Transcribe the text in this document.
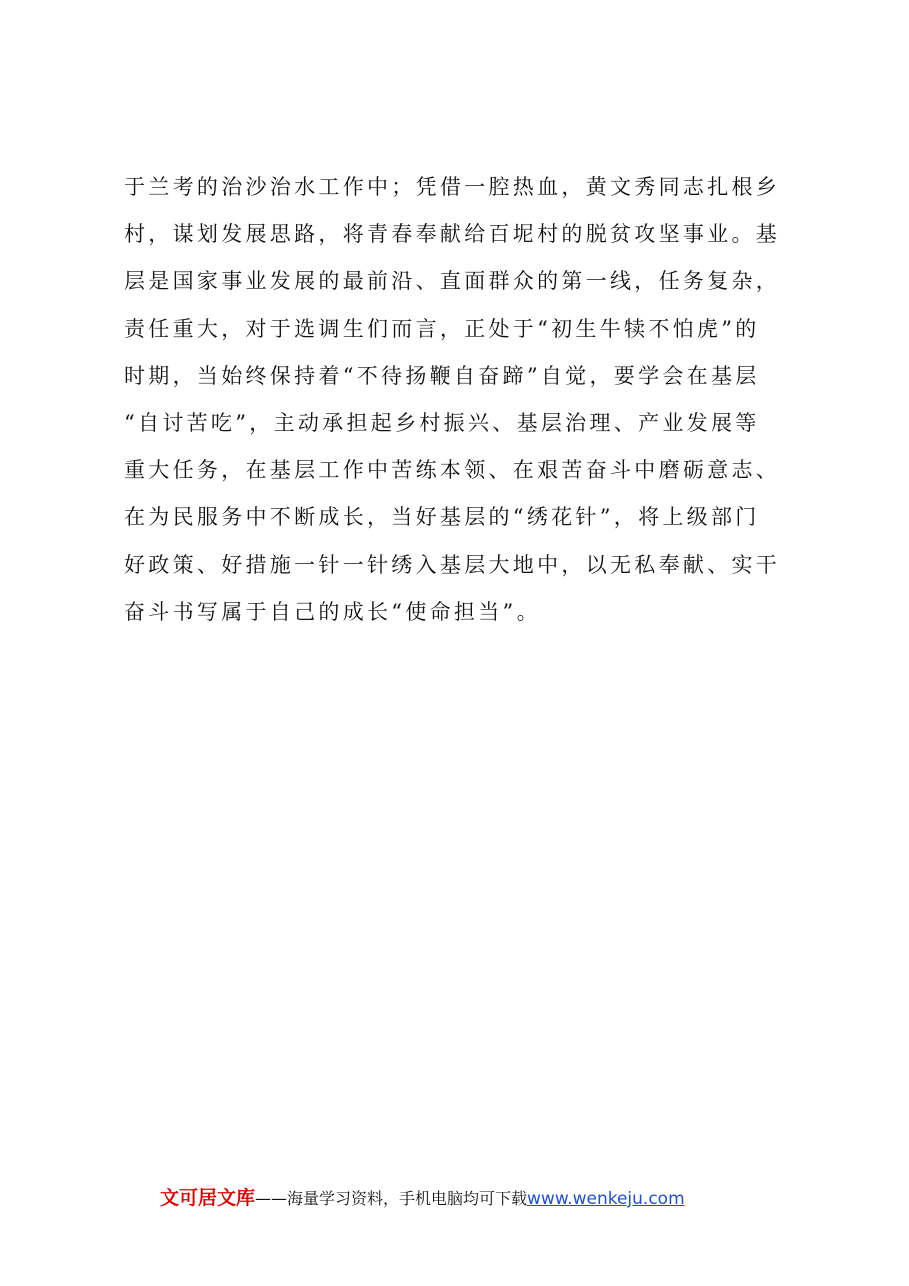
于兰考的治沙治水工作中；凭借一腔热血，黄文秀同志扎根乡
村，谋划发展思路，将青春奉献给百坭村的脱贫攻坚事业。基
层是国家事业发展的最前沿、直面群众的第一线，任务复杂，
责任重大，对于选调生们而言，正处于“初生牛犊不怕虎”的
时期，当始终保持着“不待扬鞭自奋蹄”自觉，要学会在基层
“自讨苦吃”，主动承担起乡村振兴、基层治理、产业发展等
重大任务，在基层工作中苦练本领、在艰苦奋斗中磨砺意志、
在为民服务中不断成长，当好基层的“绣花针”，将上级部门
好政策、好措施一针一针绣入基层大地中，以无私奉献、实干
奋斗书写属于自己的成长“使命担当”。
文可居文库——海量学习资料，手机电脑均可下载www.wenkeju.com
